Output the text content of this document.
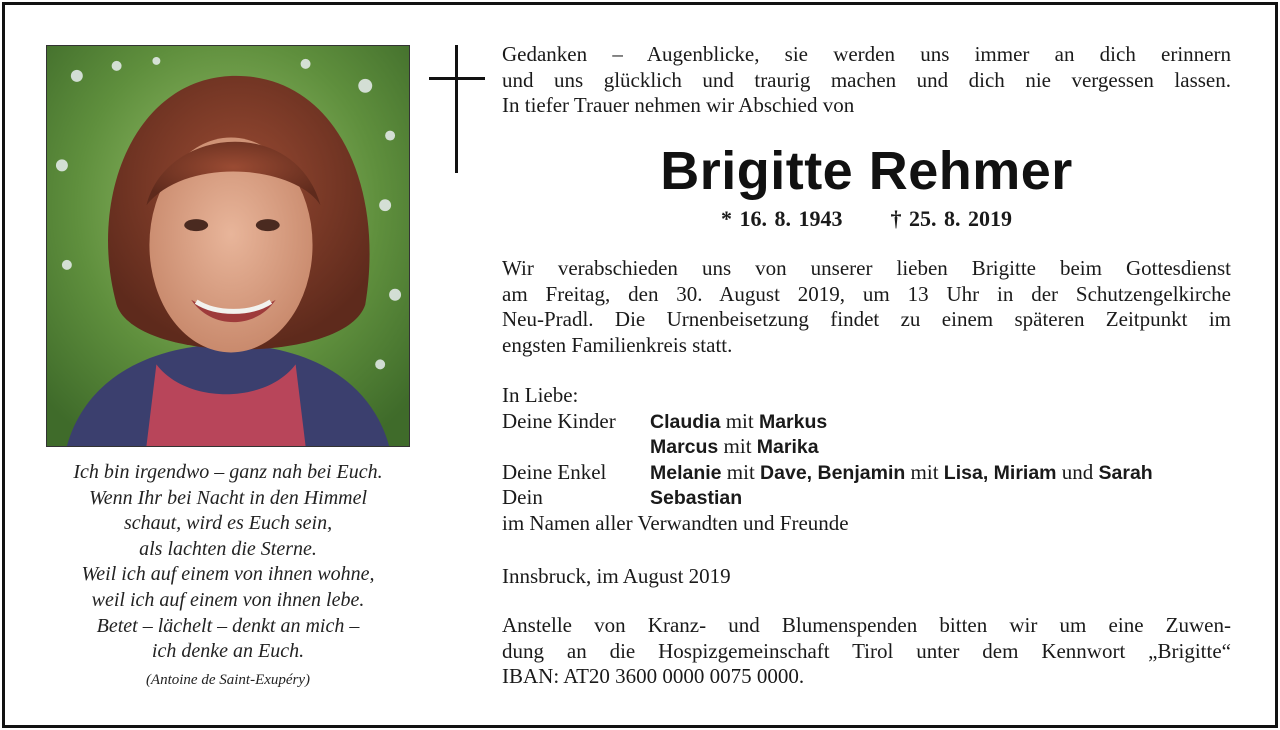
Ich bin irgendwo – ganz nah bei Euch.
Wenn Ihr bei Nacht in den Himmel
schaut, wird es Euch sein,
als lachten die Sterne.
Weil ich auf einem von ihnen wohne,
weil ich auf einem von ihnen lebe.
Betet – lächelt – denkt an mich –
ich denke an Euch.
(Antoine de Saint-Exupéry)
Gedanken – Augenblicke, sie werden uns immer an dich erinnern
und uns glücklich und traurig machen und dich nie vergessen lassen.
In tiefer Trauer nehmen wir Abschied von
Brigitte Rehmer
* 16. 8. 1943 † 25. 8. 2019
Wir verabschieden uns von unserer lieben Brigitte beim Gottesdienst
am Freitag, den 30. August 2019, um 13 Uhr in der Schutzengelkirche
Neu-Pradl. Die Urnenbeisetzung findet zu einem späteren Zeitpunkt im
engsten Familienkreis statt.
In Liebe:
Deine Kinder Claudia mit Markus
Marcus mit Marika
Deine Enkel Melanie mit Dave, Benjamin mit Lisa, Miriam und Sarah
Dein	Sebastian
im Namen aller Verwandten und Freunde
Innsbruck, im August 2019
Anstelle von Kranz- und Blumenspenden bitten wir um eine Zuwen-
dung an die Hospizgemeinschaft Tirol unter dem Kennwort „Brigitte“
IBAN: AT20 3600 0000 0075 0000.
